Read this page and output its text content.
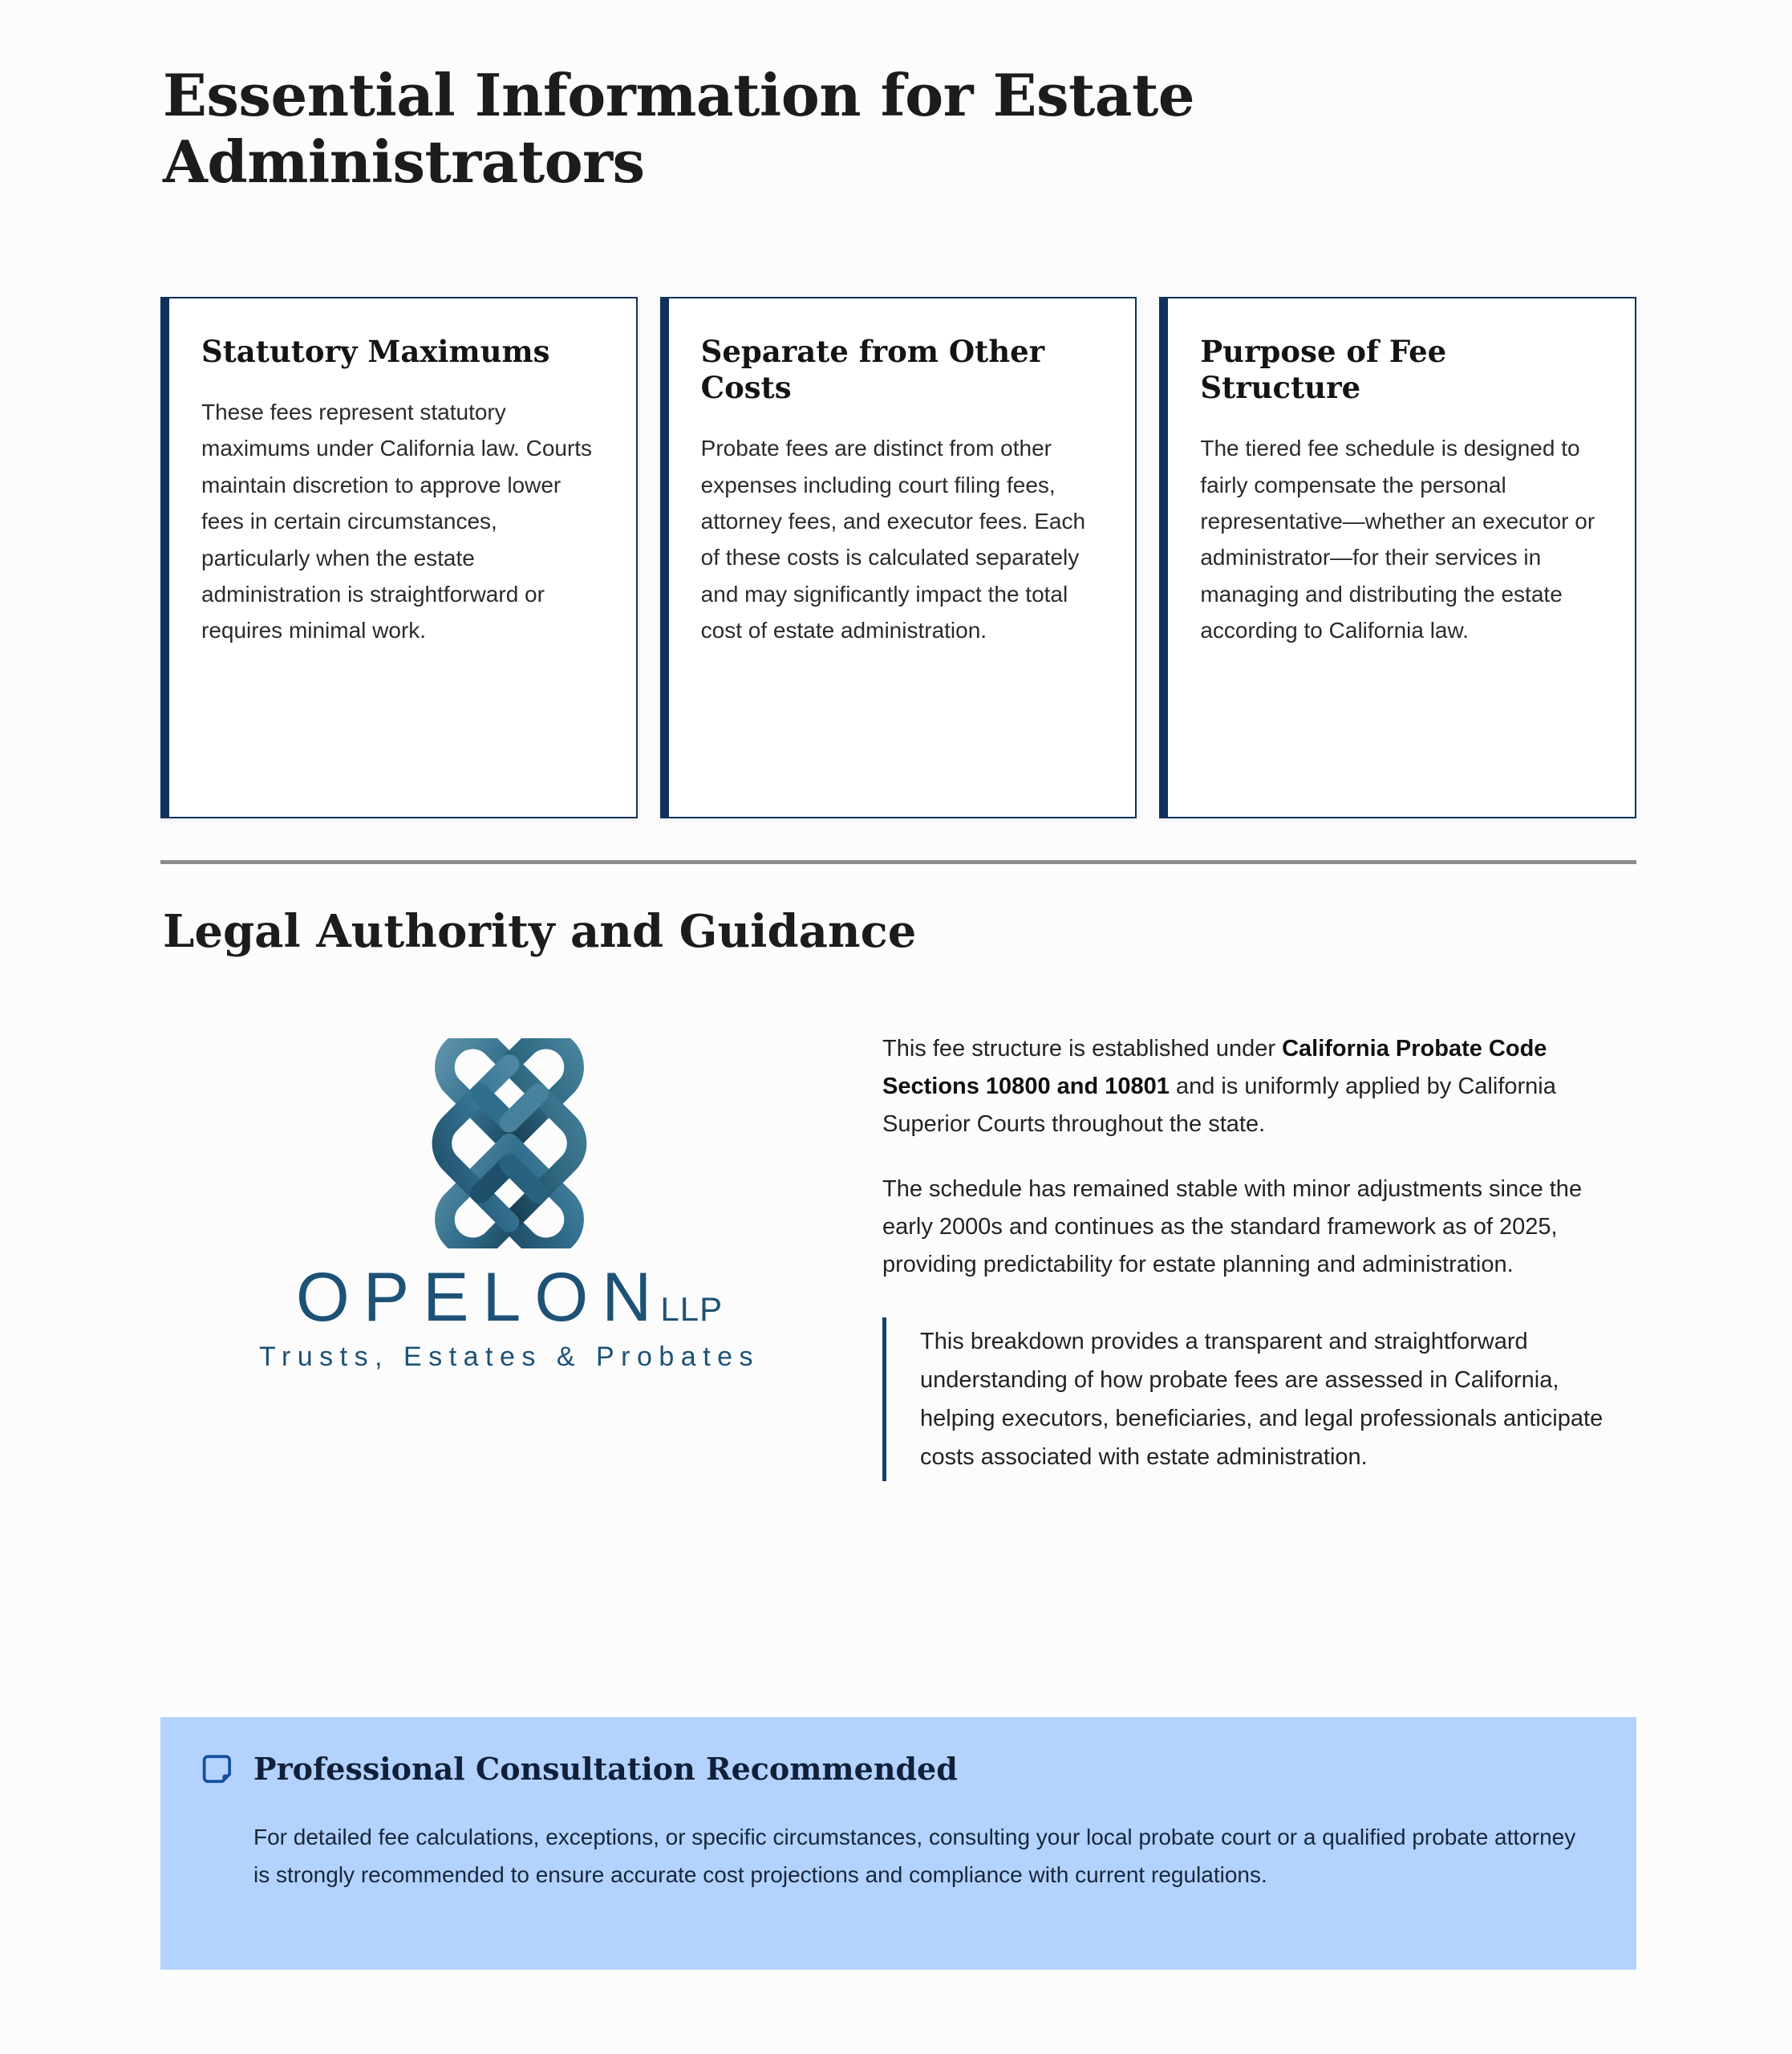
Essential Information for Estate Administrators
Statutory Maximums
These fees represent statutory maximums under California law. Courts maintain discretion to approve lower fees in certain circumstances, particularly when the estate administration is straightforward or requires minimal work.
Separate from Other Costs
Probate fees are distinct from other expenses including court filing fees, attorney fees, and executor fees. Each of these costs is calculated separately and may significantly impact the total cost of estate administration.
Purpose of Fee Structure
The tiered fee schedule is designed to fairly compensate the personal representative—whether an executor or administrator—for their services in managing and distributing the estate according to California law.
Legal Authority and Guidance
OPELON
LLP
Trusts, Estates & Probates

This fee structure is established under California Probate Code Sections 10800 and 10801 and is uniformly applied by California Superior Courts throughout the state.

The schedule has remained stable with minor adjustments since the early 2000s and continues as the standard framework as of 2025, providing predictability for estate planning and administration.

This breakdown provides a transparent and straightforward understanding of how probate fees are assessed in California, helping executors, beneficiaries, and legal professionals anticipate costs associated with estate administration.
Professional Consultation Recommended
For detailed fee calculations, exceptions, or specific circumstances, consulting your local probate court or a qualified probate attorney is strongly recommended to ensure accurate cost projections and compliance with current regulations.
